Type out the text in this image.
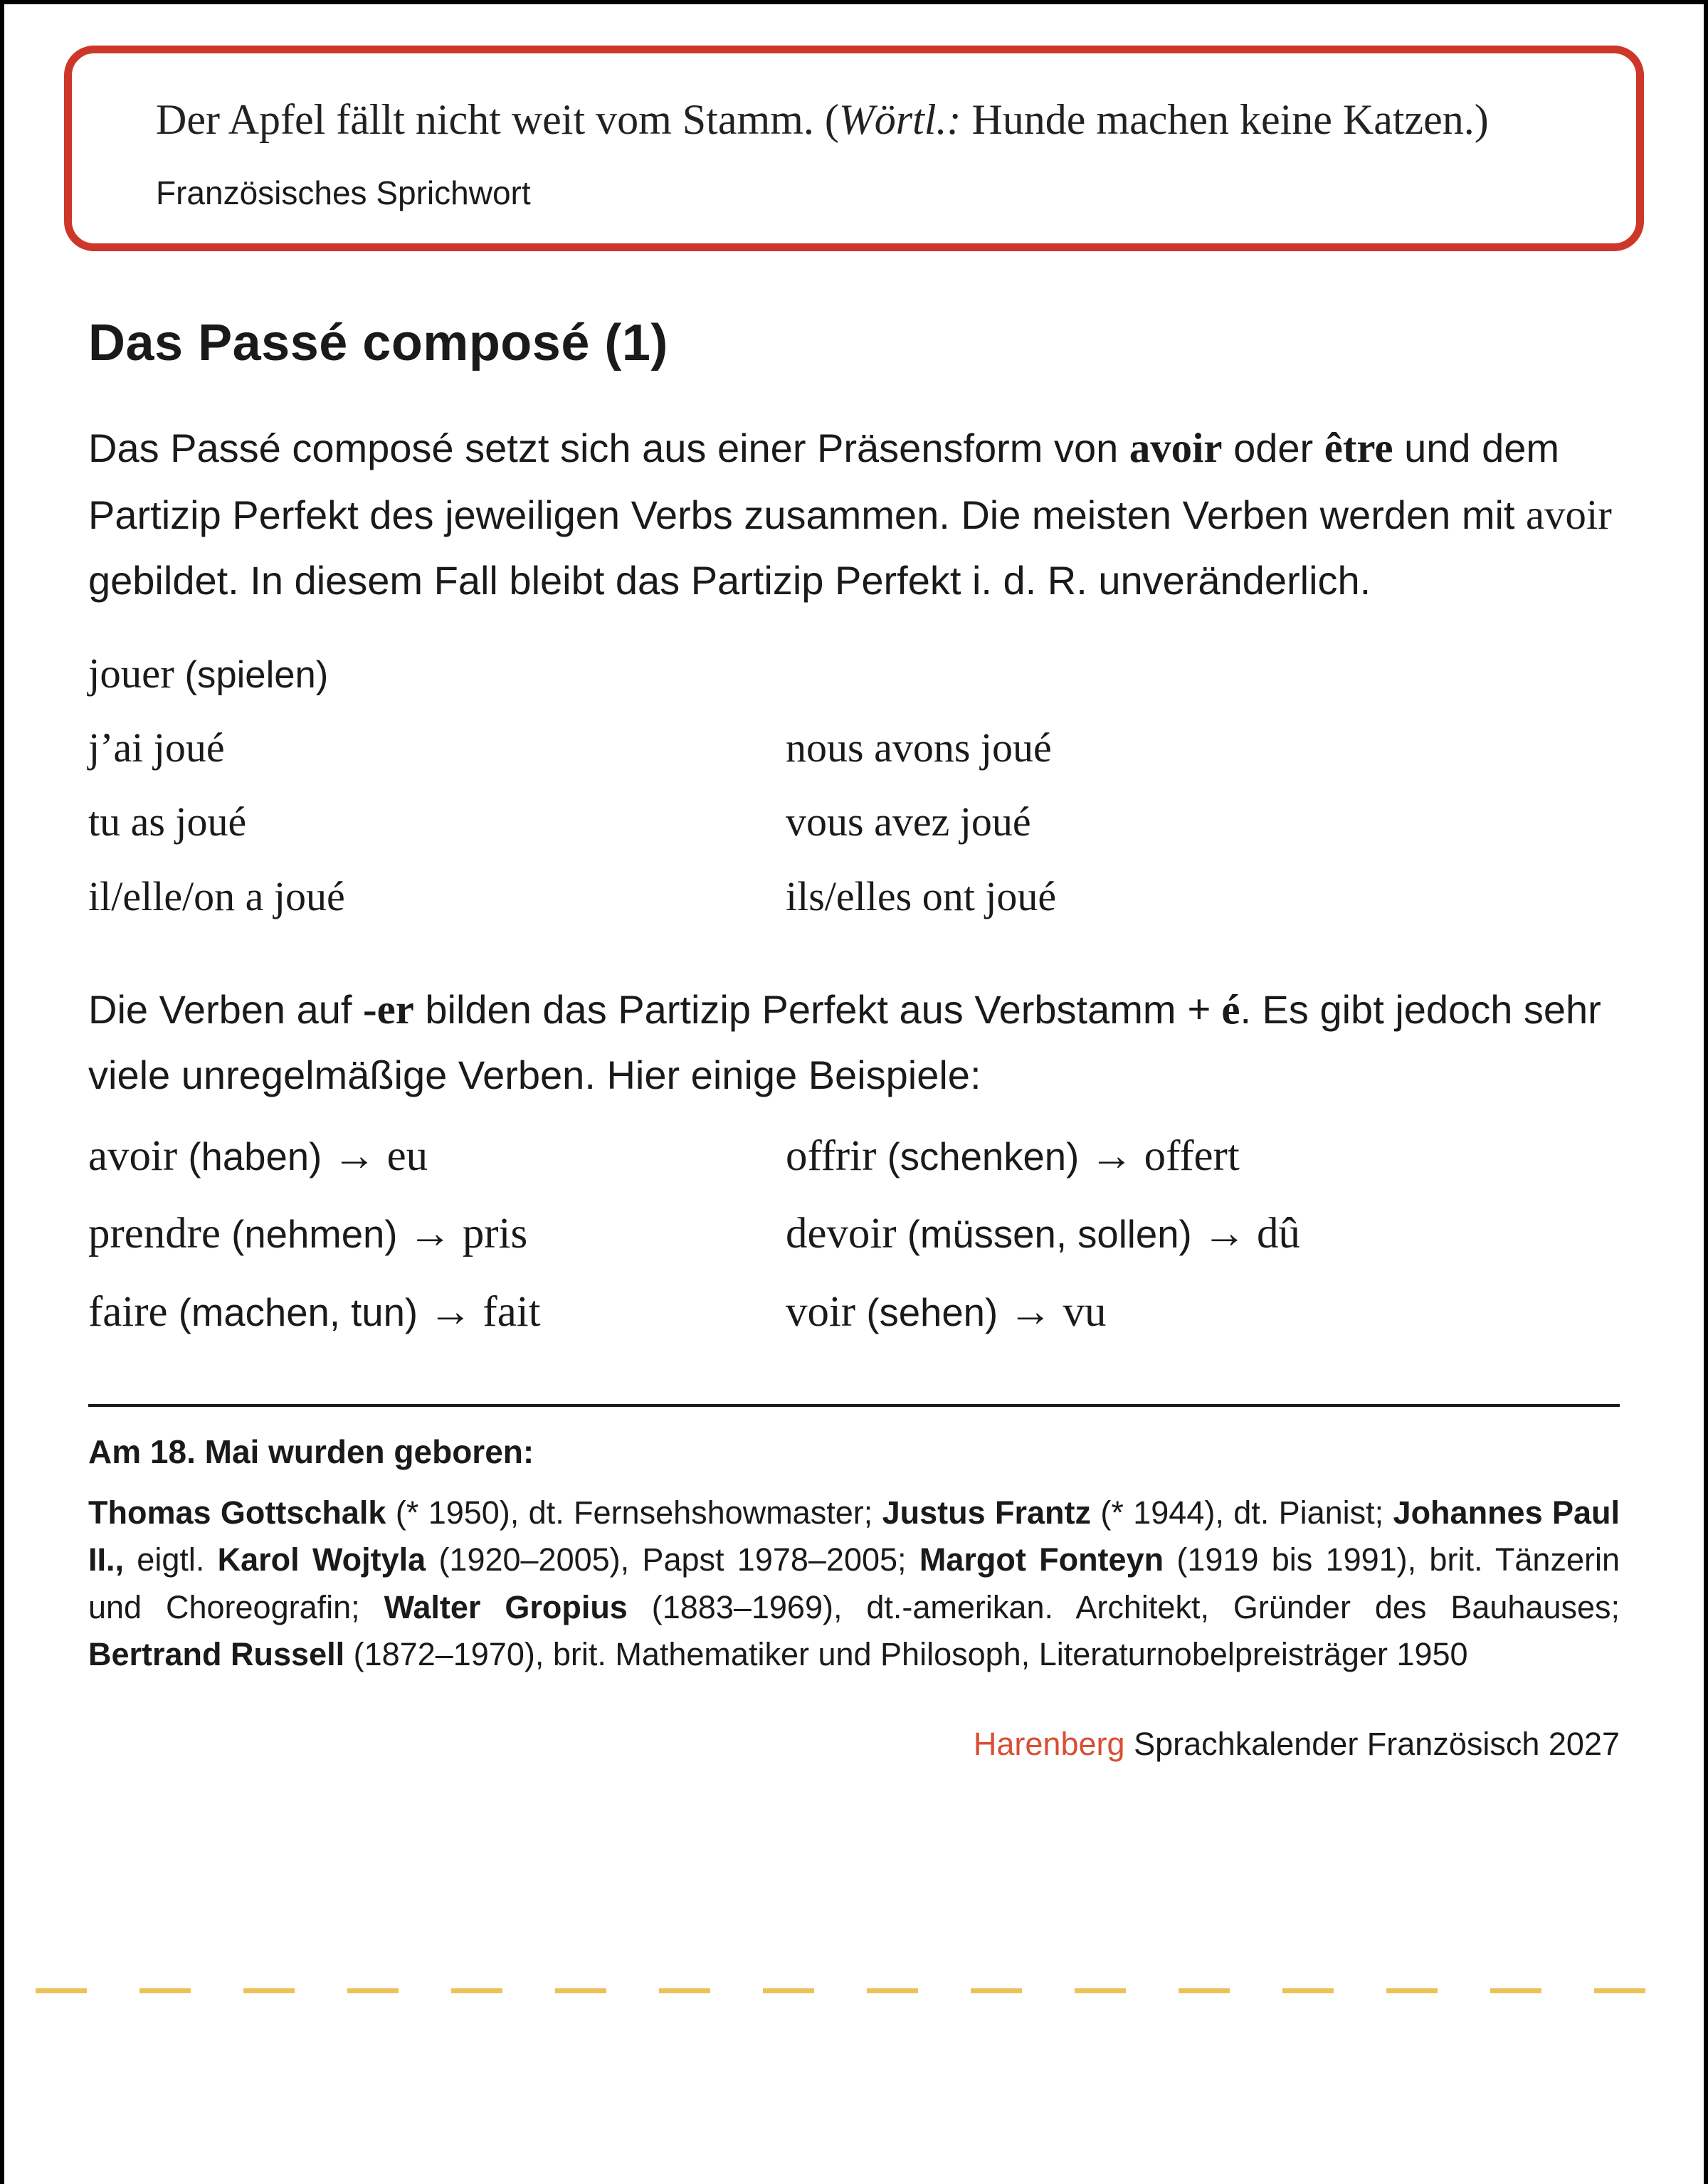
Der Apfel fällt nicht weit vom Stamm. (Wörtl.: Hunde machen keine Katzen.)

Französisches Sprichwort

Das Passé composé (1)

Das Passé composé setzt sich aus einer Präsensform von avoir oder être und dem Partizip Perfekt des jeweiligen Verbs zusammen. Die meisten Verben werden mit avoir gebildet. In diesem Fall bleibt das Partizip Perfekt i. d. R. unveränderlich.

jouer (spielen)

j’ai joué	nous avons joué
tu as joué	vous avez joué
il/elle/on a joué	ils/elles ont joué

Die Verben auf -er bilden das Partizip Perfekt aus Verbstamm + é. Es gibt jedoch sehr viele unregelmäßige Verben. Hier einige Beispiele:

avoir (haben) → eu	offrir (schenken) → offert
prendre (nehmen) → pris	devoir (müssen, sollen) → dû
faire (machen, tun) → fait	voir (sehen) → vu

Am 18. Mai wurden geboren:

Thomas Gottschalk (* 1950), dt. Fernsehshowmaster; Justus Frantz (* 1944), dt. Pianist; Johannes Paul II., eigtl. Karol Wojtyla (1920–2005), Papst 1978–2005; Margot Fonteyn (1919 bis 1991), brit. Tänzerin und Choreografin; Walter Gropius (1883–1969), dt.-amerikan. Architekt, Gründer des Bauhauses; Bertrand Russell (1872–1970), brit. Mathematiker und Philosoph, Literaturnobelpreisträger 1950

Harenberg Sprachkalender Französisch 2027
